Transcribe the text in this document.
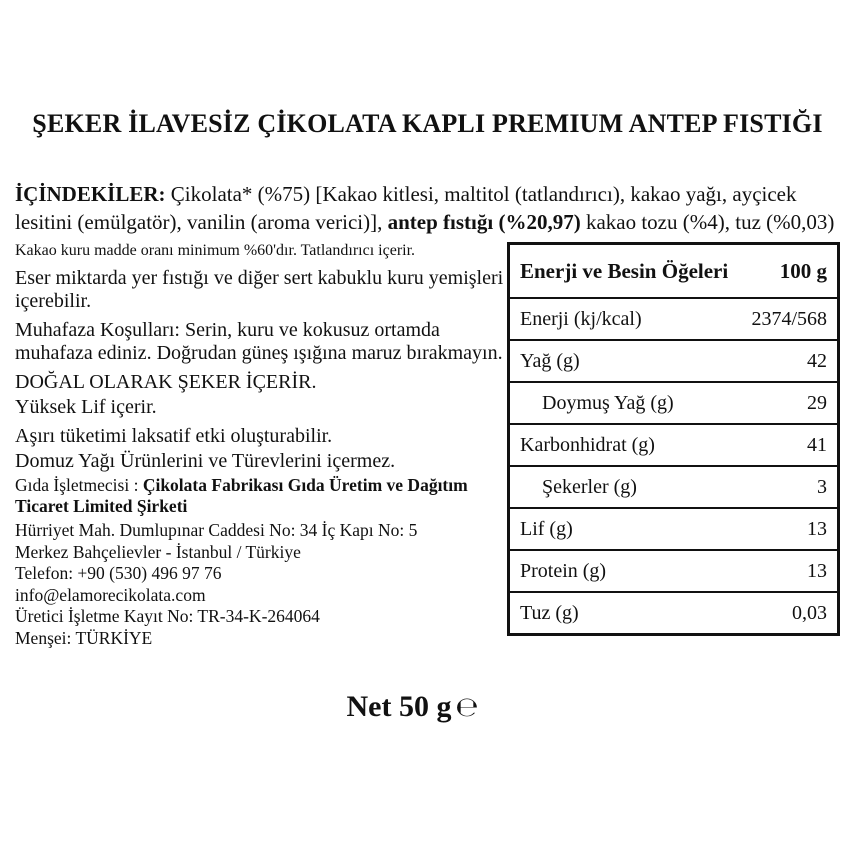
ŞEKER İLAVESİZ ÇİKOLATA KAPLI PREMIUM ANTEP FISTIĞI
İÇİNDEKİLER: Çikolata* (%75) [Kakao kitlesi, maltitol (tatlandırıcı), kakao yağı, ayçicek lesitini (emülgatör), vanilin (aroma verici)], antep fıstığı (%20,97) kakao tozu (%4), tuz (%0,03)

Kakao kuru madde oranı minimum %60'dır. Tatlandırıcı içerir.

Eser miktarda yer fıstığı ve diğer sert kabuklu kuru yemişleri içerebilir.

Muhafaza Koşulları: Serin, kuru ve kokusuz ortamda muhafaza ediniz. Doğrudan güneş ışığına maruz bırakmayın.

DOĞAL OLARAK ŞEKER İÇERİR.

Yüksek Lif içerir.

Aşırı tüketimi laksatif etki oluşturabilir.

Domuz Yağı Ürünlerini ve Türevlerini içermez.

Gıda İşletmecisi : Çikolata Fabrikası Gıda Üretim ve Dağıtım Ticaret Limited Şirketi

Hürriyet Mah. Dumlupınar Caddesi No: 34 İç Kapı No: 5

Merkez Bahçelievler - İstanbul / Türkiye

Telefon: +90 (530) 496 97 76

info@elamorecikolata.com

Üretici İşletme Kayıt No: TR-34-K-264064

Menşei: TÜRKİYE

Enerji ve Besin Öğeleri 100 g
Enerji (kj/kcal)	2374/568
Yağ (g)	42
Doymuş Yağ (g)	29
Karbonhidrat (g)	41
Şekerler (g)	3
Lif (g)	13
Protein (g)	13
Tuz (g)	0,03
Net 50 g ℮
